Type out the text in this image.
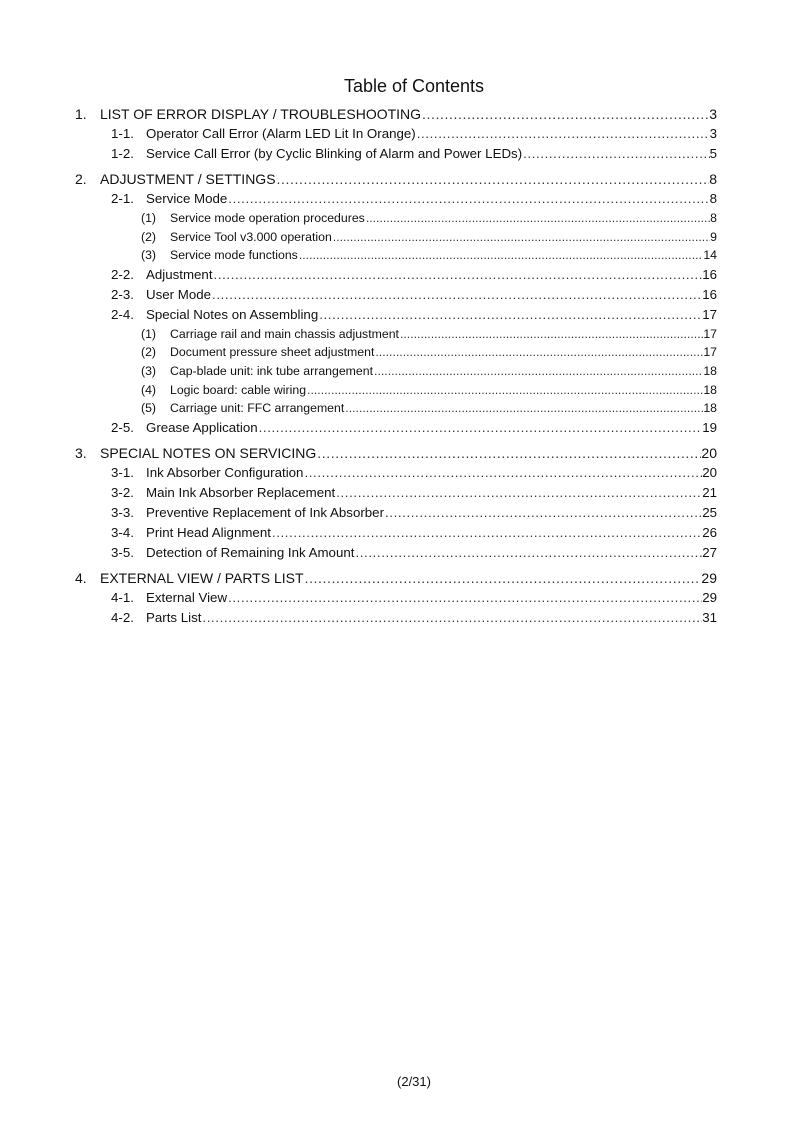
Table of Contents
1. LIST OF ERROR DISPLAY / TROUBLESHOOTING .....	3
1-1. Operator Call Error (Alarm LED Lit In Orange) .....	3
1-2. Service Call Error (by Cyclic Blinking of Alarm and Power LEDs) .....	5
2. ADJUSTMENT / SETTINGS .....	8
2-1. Service Mode .....	8
(1)	Service mode operation procedures .....	8
(2)	Service Tool v3.000 operation .....	9
(3)	Service mode functions .....	14
2-2. Adjustment .....	16
2-3. User Mode .....	16
2-4. Special Notes on Assembling .....	17
(1)	Carriage rail and main chassis adjustment .....	17
(2)	Document pressure sheet adjustment .....	17
(3)	Cap-blade unit: ink tube arrangement .....	18
(4)	Logic board: cable wiring .....	18
(5)	Carriage unit: FFC arrangement .....	18
2-5. Grease Application .....	19
3. SPECIAL NOTES ON SERVICING .....	20
3-1. Ink Absorber Configuration .....	20
3-2. Main Ink Absorber Replacement .....	21
3-3. Preventive Replacement of Ink Absorber .....	25
3-4. Print Head Alignment .....	26
3-5. Detection of Remaining Ink Amount .....	27
4. EXTERNAL VIEW / PARTS LIST .....	29
4-1. External View .....	29
4-2. Parts List .....	31
(2/31)
